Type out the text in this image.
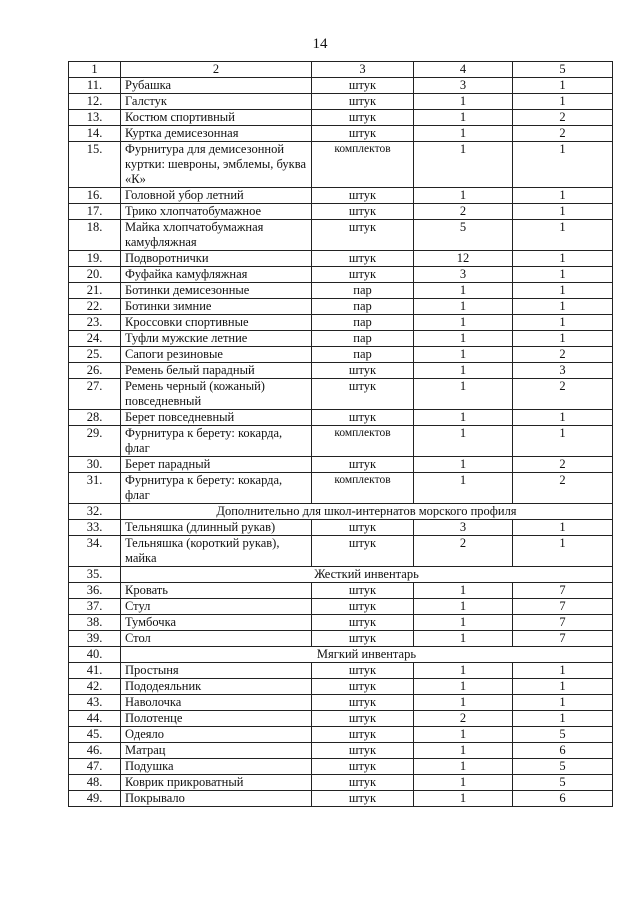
14
1	2	3	4	5
11.	Рубашка	штук	3	1
12.	Галстук	штук	1	1
13.	Костюм спортивный	штук	1	2
14.	Куртка демисезонная	штук	1	2
15.	Фурнитура для демисезонной куртки: шевроны, эмблемы, буква «К»	комплектов	1	1
16.	Головной убор летний	штук	1	1
17.	Трико хлопчатобумажное	штук	2	1
18.	Майка хлопчатобумажная камуфляжная	штук	5	1
19.	Подворотнички	штук	12	1
20.	Фуфайка камуфляжная	штук	3	1
21.	Ботинки демисезонные	пар	1	1
22.	Ботинки зимние	пар	1	1
23.	Кроссовки спортивные	пар	1	1
24.	Туфли мужские летние	пар	1	1
25.	Сапоги резиновые	пар	1	2
26.	Ремень белый парадный	штук	1	3
27.	Ремень черный (кожаный) повседневный	штук	1	2
28.	Берет повседневный	штук	1	1
29.	Фурнитура к берету: кокарда, флаг	комплектов	1	1
30.	Берет парадный	штук	1	2
31.	Фурнитура к берету: кокарда, флаг	комплектов	1	2
32.	Дополнительно для школ-интернатов морского профиля			
33.	Тельняшка (длинный рукав)	штук	3	1
34.	Тельняшка (короткий рукав), майка	штук	2	1
35.	Жесткий инвентарь			
36.	Кровать	штук	1	7
37.	Стул	штук	1	7
38.	Тумбочка	штук	1	7
39.	Стол	штук	1	7
40.	Мягкий инвентарь			
41.	Простыня	штук	1	1
42.	Пододеяльник	штук	1	1
43.	Наволочка	штук	1	1
44.	Полотенце	штук	2	1
45.	Одеяло	штук	1	5
46.	Матрац	штук	1	6
47.	Подушка	штук	1	5
48.	Коврик прикроватный	штук	1	5
49.	Покрывало	штук	1	6
